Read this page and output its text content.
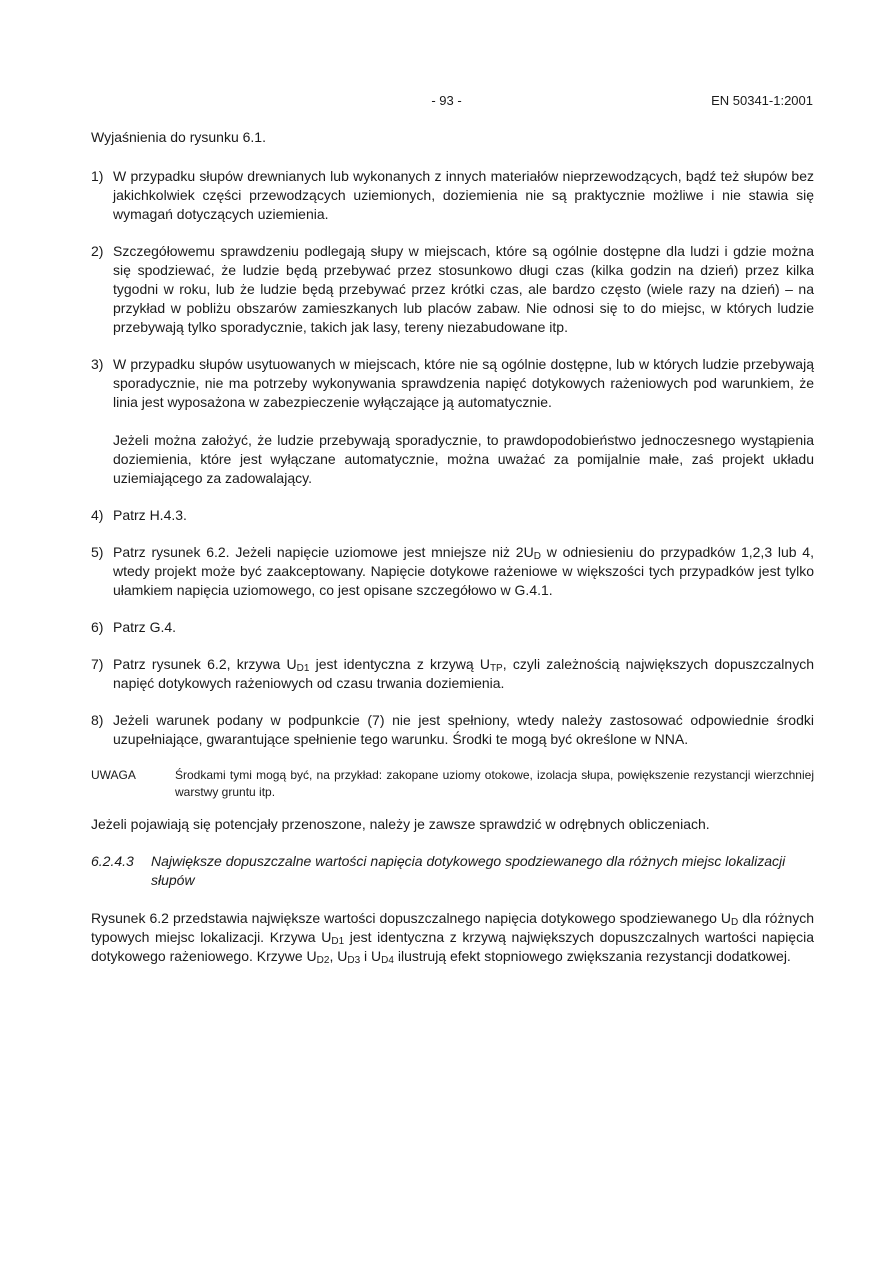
- 93 -	EN 50341-1:2001

Wyjaśnienia do rysunku 6.1.

1) W przypadku słupów drewnianych lub wykonanych z innych materiałów nieprzewodzących, bądź też słupów bez jakichkolwiek części przewodzących uziemionych, doziemienia nie są praktycznie możliwe i nie stawia się wymagań dotyczących uziemienia.
2) Szczegółowemu sprawdzeniu podlegają słupy w miejscach, które są ogólnie dostępne dla ludzi i gdzie można się spodziewać, że ludzie będą przebywać przez stosunkowo długi czas (kilka godzin na dzień) przez kilka tygodni w roku, lub że ludzie będą przebywać przez krótki czas, ale bardzo często (wiele razy na dzień) – na przykład w pobliżu obszarów zamieszkanych lub placów zabaw. Nie odnosi się to do miejsc, w których ludzie przebywają tylko sporadycznie, takich jak lasy, tereny niezabudowane itp.
3) W przypadku słupów usytuowanych w miejscach, które nie są ogólnie dostępne, lub w których ludzie przebywają sporadycznie, nie ma potrzeby wykonywania sprawdzenia napięć dotykowych rażeniowych pod warunkiem, że linia jest wyposażona w zabezpieczenie wyłączające ją automatycznie.
Jeżeli można założyć, że ludzie przebywają sporadycznie, to prawdopodobieństwo jednoczesnego wystąpienia doziemienia, które jest wyłączane automatycznie, można uważać za pomijalnie małe, zaś projekt układu uziemiającego za zadowalający.
4) Patrz H.4.3.
5) Patrz rysunek 6.2. Jeżeli napięcie uziomowe jest mniejsze niż $2U_D$ w odniesieniu do przypadków 1,2,3 lub 4, wtedy projekt może być zaakceptowany. Napięcie dotykowe rażeniowe w większości tych przypadków jest tylko ułamkiem napięcia uziomowego, co jest opisane szczegółowo w G.4.1.
6) Patrz G.4.
7) Patrz rysunek 6.2, krzywa $U_{D1}$ jest identyczna z krzywą $U_{TP}$, czyli zależnością największych dopuszczalnych napięć dotykowych rażeniowych od czasu trwania doziemienia.
8) Jeżeli warunek podany w podpunkcie (7) nie jest spełniony, wtedy należy zastosować odpowiednie środki uzupełniające, gwarantujące spełnienie tego warunku. Środki te mogą być określone w NNA.
UWAGA	Środkami tymi mogą być, na przykład: zakopane uziomy otokowe, izolacja słupa, powiększenie rezystancji wierzchniej warstwy gruntu itp.

Jeżeli pojawiają się potencjały przenoszone, należy je zawsze sprawdzić w odrębnych obliczeniach.

6.2.4.3	Największe dopuszczalne wartości napięcia dotykowego spodziewanego dla różnych miejsc lokalizacji słupów

Rysunek 6.2 przedstawia największe wartości dopuszczalnego napięcia dotykowego spodziewanego $U_D$ dla różnych typowych miejsc lokalizacji. Krzywa $U_{D1}$ jest identyczna z krzywą największych dopuszczalnych wartości napięcia dotykowego rażeniowego. Krzywe $U_{D2}$, $U_{D3}$ i $U_{D4}$ ilustrują efekt stopniowego zwiększania rezystancji dodatkowej.
